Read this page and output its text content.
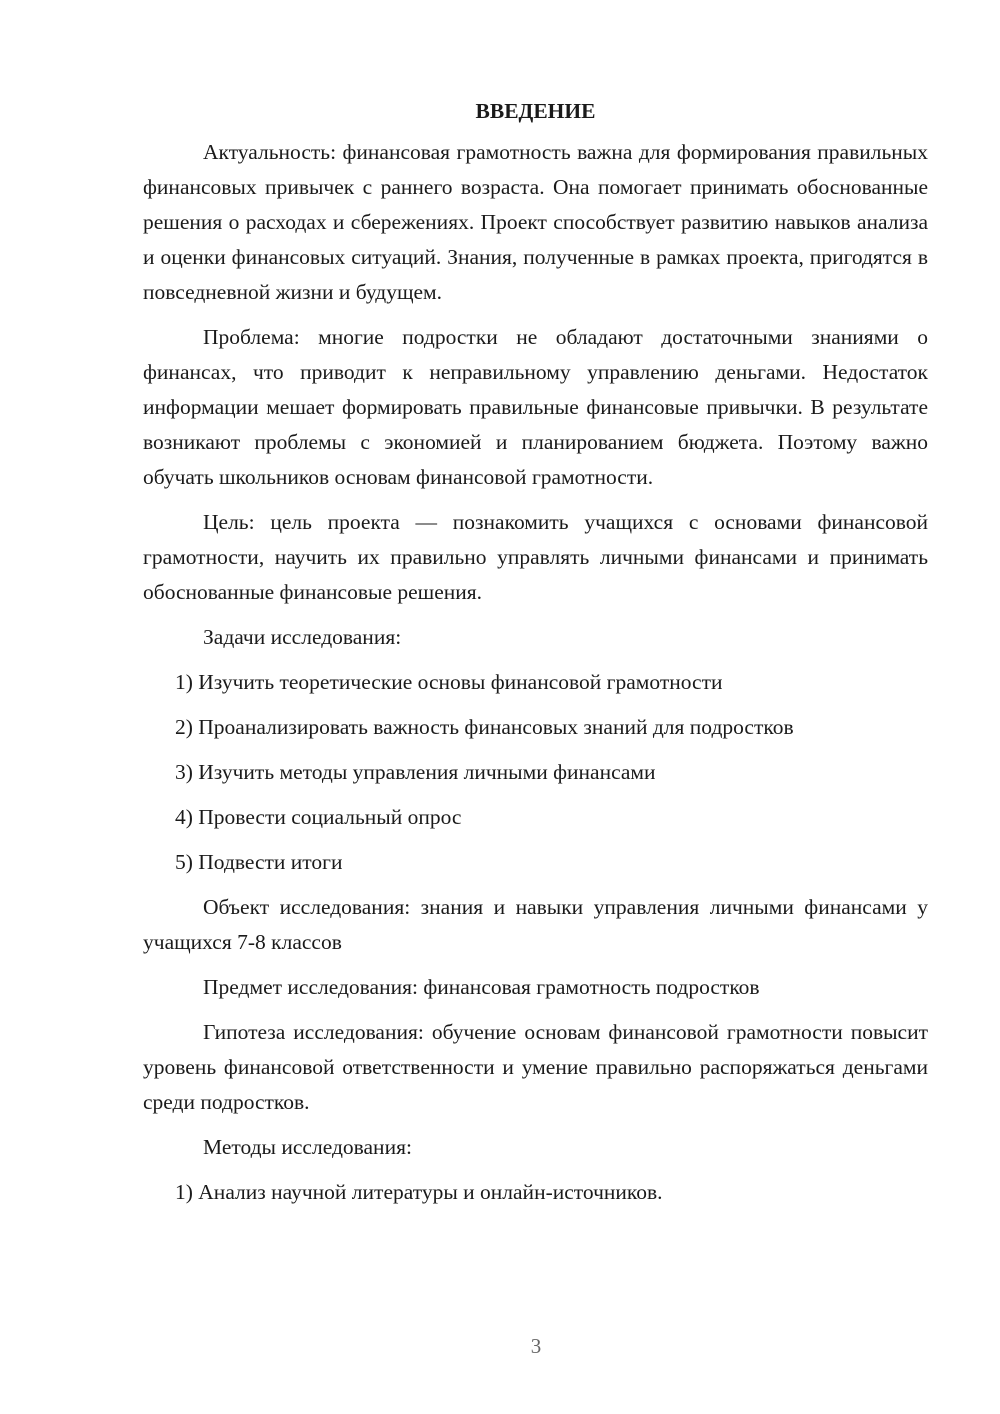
ВВЕДЕНИЕ

Актуальность: финансовая грамотность важна для формирования правильных финансовых привычек с раннего возраста. Она помогает принимать обоснованные решения о расходах и сбережениях. Проект способствует развитию навыков анализа и оценки финансовых ситуаций. Знания, полученные в рамках проекта, пригодятся в повседневной жизни и будущем.

Проблема: многие подростки не обладают достаточными знаниями о финансах, что приводит к неправильному управлению деньгами. Недостаток информации мешает формировать правильные финансовые привычки. В результате возникают проблемы с экономией и планированием бюджета. Поэтому важно обучать школьников основам финансовой грамотности.

Цель: цель проекта — познакомить учащихся с основами финансовой грамотности, научить их правильно управлять личными финансами и принимать обоснованные финансовые решения.

Задачи исследования:

1) Изучить теоретические основы финансовой грамотности
2) Проанализировать важность финансовых знаний для подростков
3) Изучить методы управления личными финансами
4) Провести социальный опрос
5) Подвести итоги

Объект исследования: знания и навыки управления личными финансами у учащихся 7-8 классов

Предмет исследования: финансовая грамотность подростков

Гипотеза исследования: обучение основам финансовой грамотности повысит уровень финансовой ответственности и умение правильно распоряжаться деньгами среди подростков.

Методы исследования:

1) Анализ научной литературы и онлайн-источников.
3
